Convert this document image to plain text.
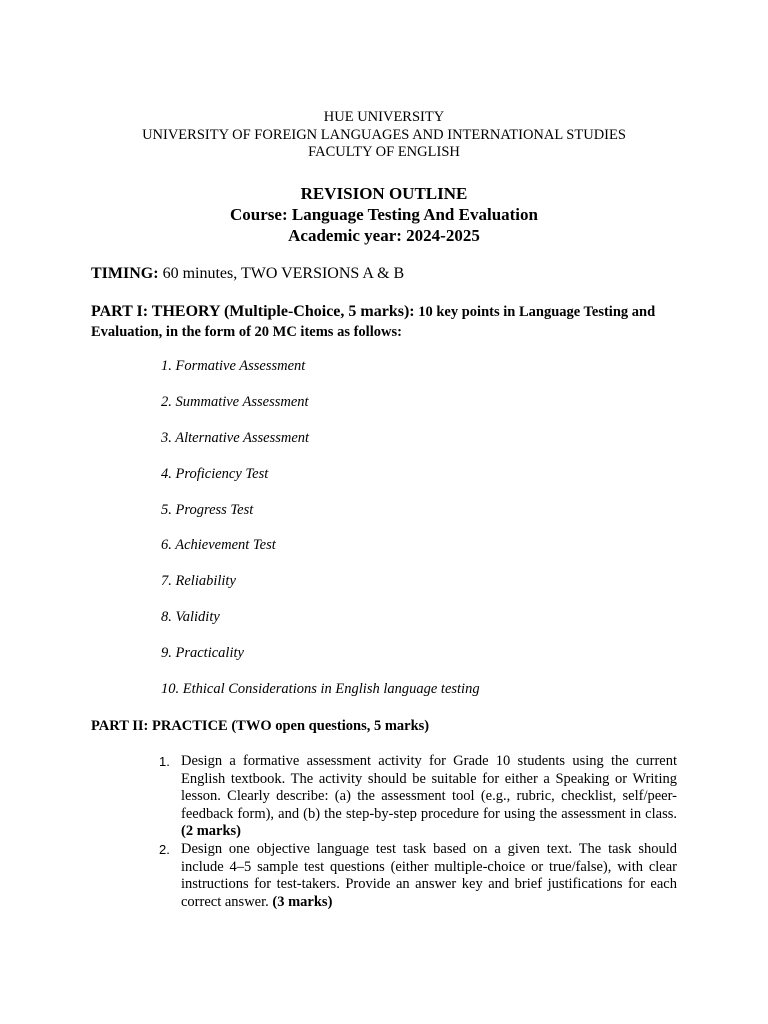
HUE UNIVERSITY
UNIVERSITY OF FOREIGN LANGUAGES AND INTERNATIONAL STUDIES
FACULTY OF ENGLISH
REVISION OUTLINE
Course: Language Testing And Evaluation
Academic year: 2024-2025
TIMING: 60 minutes, TWO VERSIONS A & B
PART I: THEORY (Multiple-Choice, 5 marks): 10 key points in Language Testing and Evaluation, in the form of 20 MC items as follows:
1. Formative Assessment
2. Summative Assessment
3. Alternative Assessment
4. Proficiency Test
5. Progress Test
6. Achievement Test
7. Reliability
8. Validity
9. Practicality
10. Ethical Considerations in English language testing
PART II: PRACTICE (TWO open questions, 5 marks)
1. Design a formative assessment activity for Grade 10 students using the current English textbook. The activity should be suitable for either a Speaking or Writing lesson. Clearly describe: (a) the assessment tool (e.g., rubric, checklist, self/peer-feedback form), and (b) the step-by-step procedure for using the assessment in class. (2 marks)
2. Design one objective language test task based on a given text. The task should include 4–5 sample test questions (either multiple-choice or true/false), with clear instructions for test-takers. Provide an answer key and brief justifications for each correct answer. (3 marks)
